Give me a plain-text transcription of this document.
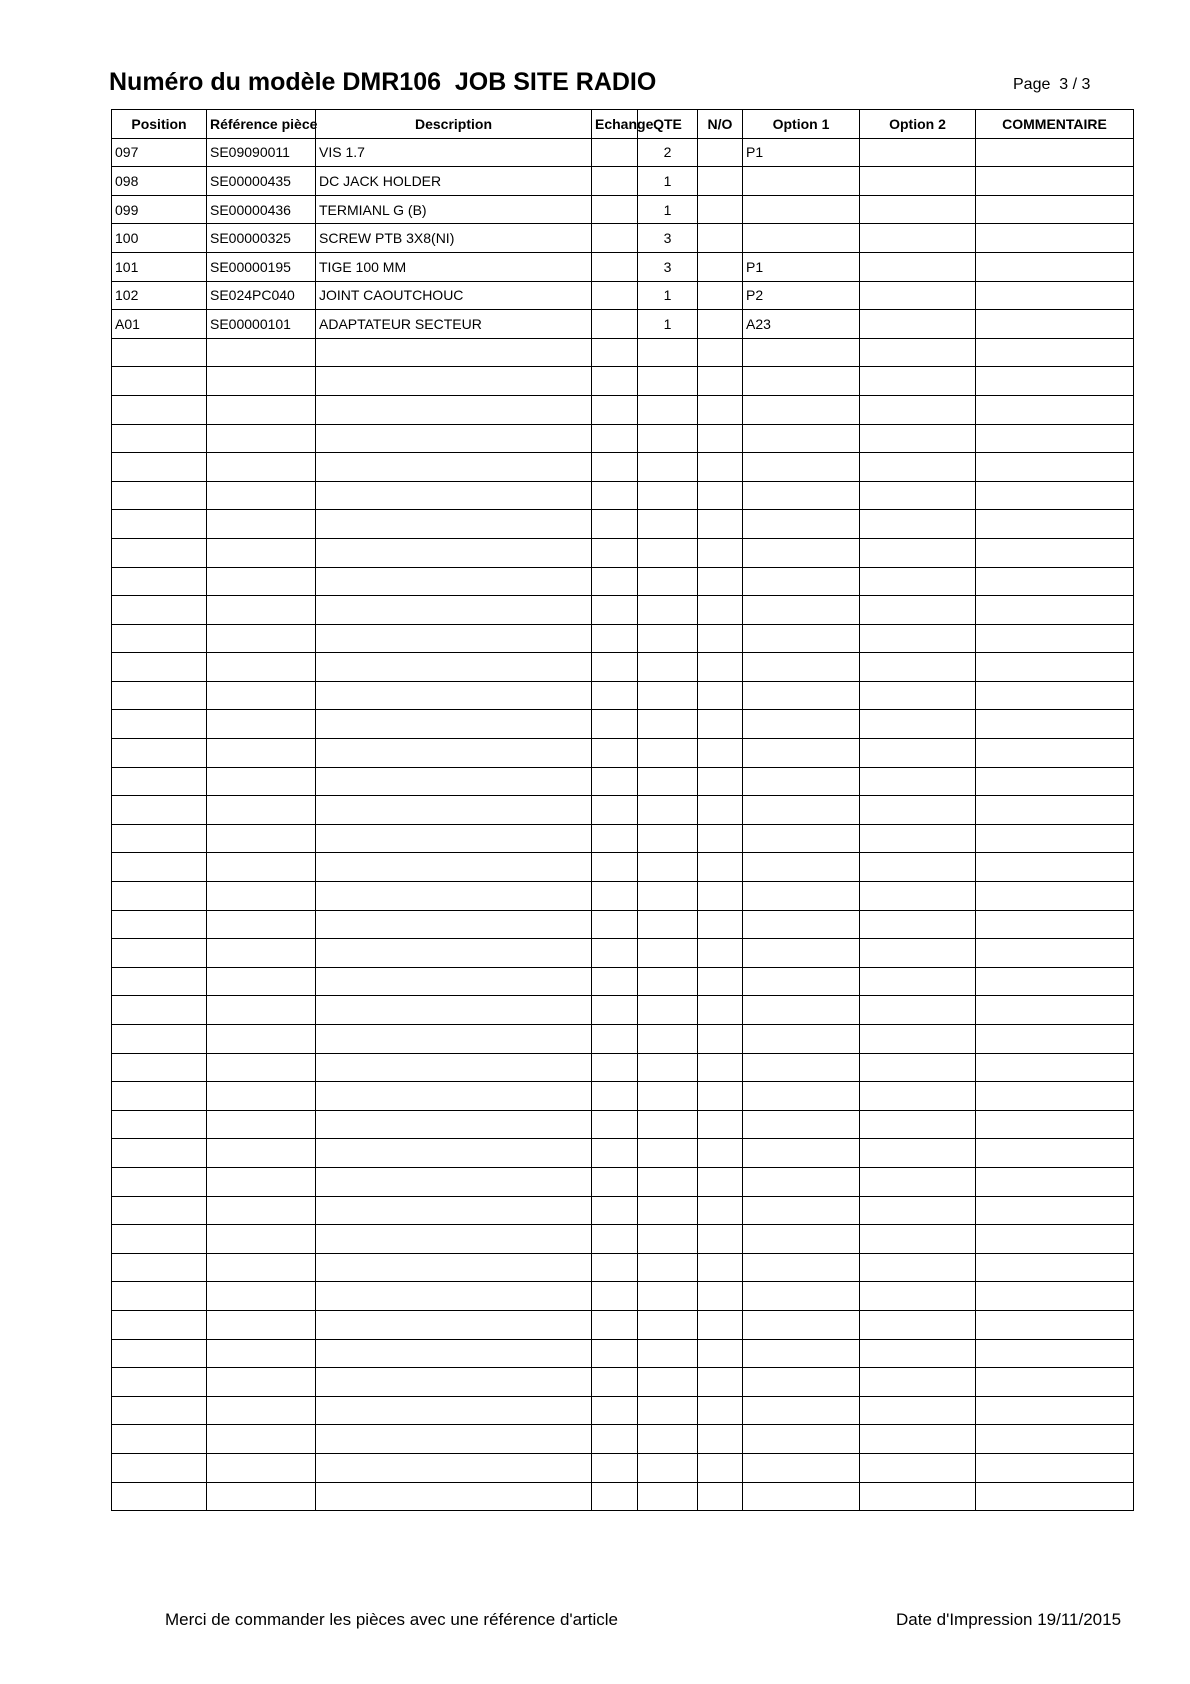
Numéro du modèle DMR106  JOB SITE RADIO	Page  3 / 3
Position	Référence pièce	Description	Echange	QTE	N/O	Option 1	Option 2	COMMENTAIRE
097	SE09090011	VIS 1.7		2		P1		
098	SE00000435	DC JACK HOLDER		1				
099	SE00000436	TERMIANL G (B)		1				
100	SE00000325	SCREW PTB 3X8(NI)		3				
101	SE00000195	TIGE 100 MM		3		P1		
102	SE024PC040	JOINT CAOUTCHOUC		1		P2		
A01	SE00000101	ADAPTATEUR SECTEUR		1		A23		

Merci de commander les pièces avec une référence d'article	Date d'Impression 19/11/2015
